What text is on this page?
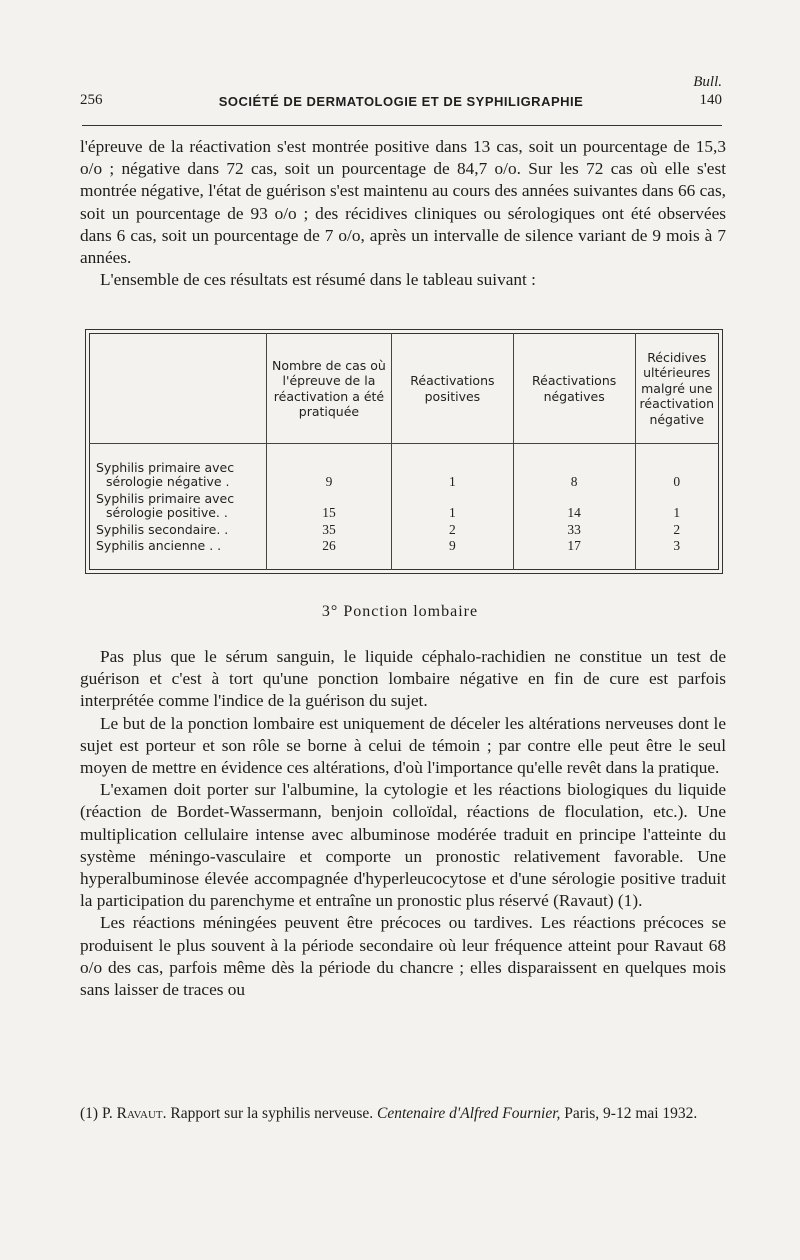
Bull.
256	SOCIÉTÉ DE DERMATOLOGIE ET DE SYPHILIGRAPHIE	140

l'épreuve de la réactivation s'est montrée positive dans 13 cas, soit un pourcentage de 15,3 o/o ; négative dans 72 cas, soit un pourcentage de 84,7 o/o. Sur les 72 cas où elle s'est montrée négative, l'état de guérison s'est maintenu au cours des années suivantes dans 66 cas, soit un pourcentage de 93 o/o ; des récidives cliniques ou sérologiques ont été observées dans 6 cas, soit un pourcentage de 7 o/o, après un intervalle de silence variant de 9 mois à 7 années.

L'ensemble de ces résultats est résumé dans le tableau suivant :

	Nombre de cas où l'épreuve de la réactivation a été pratiquée	Réactivations positives	Réactivations négatives	Récidives ultérieures malgré une réactivation négative

Syphilis primaire avec
sérologie négative .	9	1	8	0

Syphilis primaire avec
sérologie positive. .	15	1	14	1

Syphilis secondaire. .	35	2	33	2

Syphilis ancienne . .	26	9	17	3
3° Ponction lombaire

Pas plus que le sérum sanguin, le liquide céphalo-rachidien ne constitue un test de guérison et c'est à tort qu'une ponction lombaire négative en fin de cure est parfois interprétée comme l'indice de la guérison du sujet.

Le but de la ponction lombaire est uniquement de déceler les altérations nerveuses dont le sujet est porteur et son rôle se borne à celui de témoin ; par contre elle peut être le seul moyen de mettre en évidence ces altérations, d'où l'importance qu'elle revêt dans la pratique.

L'examen doit porter sur l'albumine, la cytologie et les réactions biologiques du liquide (réaction de Bordet-Wassermann, benjoin colloïdal, réactions de floculation, etc.). Une multiplication cellulaire intense avec albuminose modérée traduit en principe l'atteinte du système méningo-vasculaire et comporte un pronostic relativement favorable. Une hyperalbuminose élevée accompagnée d'hyperleucocytose et d'une sérologie positive traduit la participation du parenchyme et entraîne un pronostic plus réservé (Ravaut) (1).

Les réactions méningées peuvent être précoces ou tardives. Les réactions précoces se produisent le plus souvent à la période secondaire où leur fréquence atteint pour Ravaut 68 o/o des cas, parfois même dès la période du chancre ; elles disparaissent en quelques mois sans laisser de traces ou

(1) P. Ravaut. Rapport sur la syphilis nerveuse. Centenaire d'Alfred Fournier, Paris, 9-12 mai 1932.
